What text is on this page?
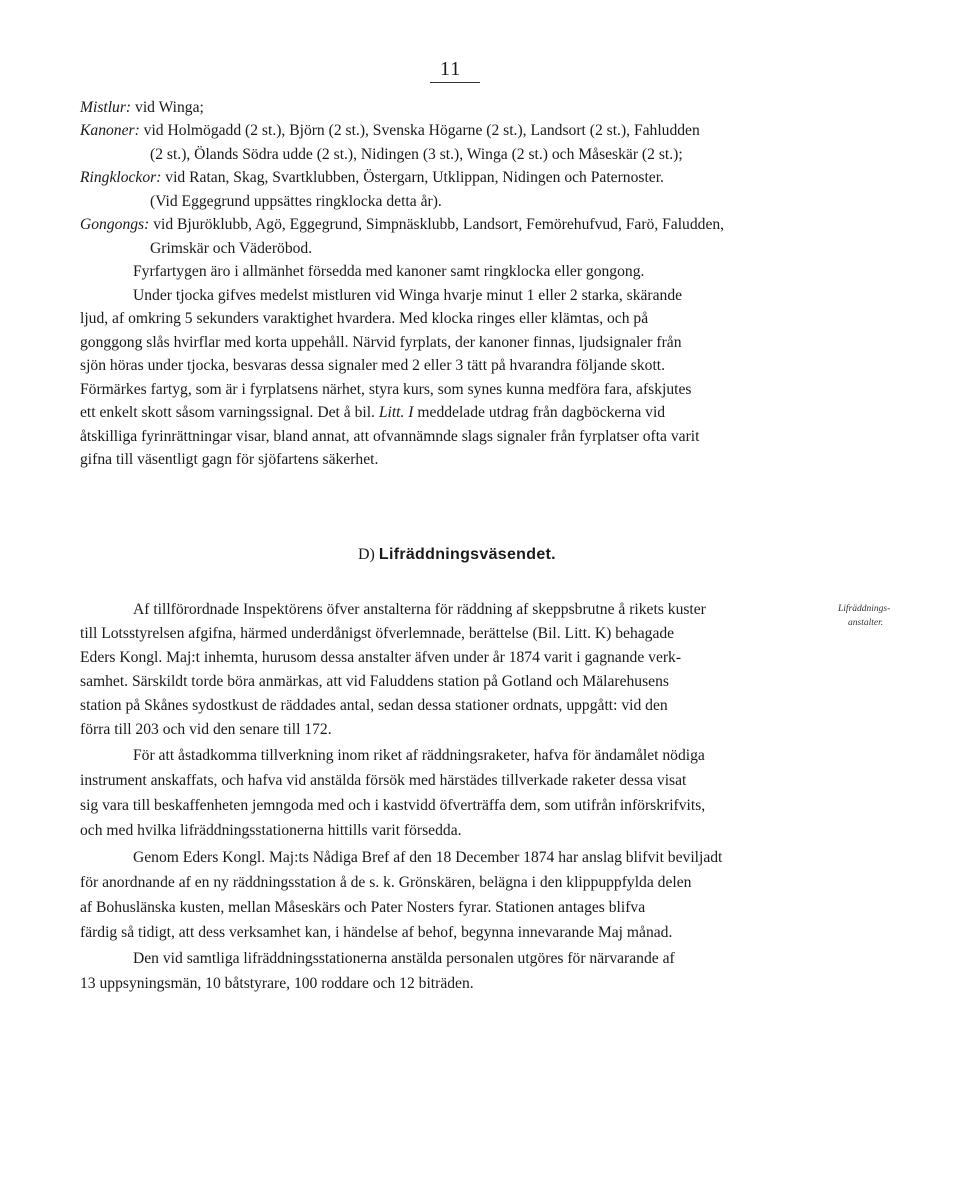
11
Mistlur: vid Winga;
Kanoner: vid Holmögadd (2 st.), Björn (2 st.), Svenska Högarne (2 st.), Landsort (2 st.), Fahludden
(2 st.), Ölands Södra udde (2 st.), Nidingen (3 st.), Winga (2 st.) och Måseskär (2 st.);
Ringklockor: vid Ratan, Skag, Svartklubben, Östergarn, Utklippan, Nidingen och Paternoster.
(Vid Eggegrund uppsättes ringklocka detta år).
Gongongs: vid Bjuröklubb, Agö, Eggegrund, Simpnäsklubb, Landsort, Femörehufvud, Farö, Faludden,
Grimskär och Väderöbod.
Fyrfartygen äro i allmänhet försedda med kanoner samt ringklocka eller gongong.
Under tjocka gifves medelst mistluren vid Winga hvarje minut 1 eller 2 starka, skärande
ljud, af omkring 5 sekunders varaktighet hvardera. Med klocka ringes eller klämtas, och på
gonggong slås hvirflar med korta uppehåll. Närvid fyrplats, der kanoner finnas, ljudsignaler från
sjön höras under tjocka, besvaras dessa signaler med 2 eller 3 tätt på hvarandra följande skott.
Förmärkes fartyg, som är i fyrplatsens närhet, styra kurs, som synes kunna medföra fara, afskjutes
ett enkelt skott såsom varningssignal. Det å bil. Litt. I meddelade utdrag från dagböckerna vid
åtskilliga fyrinrättningar visar, bland annat, att ofvannämnde slags signaler från fyrplatser ofta varit
gifna till väsentligt gagn för sjöfartens säkerhet.
D) Lifräddningsväsendet.
Af tillförordnade Inspektörens öfver anstalterna för räddning af skeppsbrutne å rikets kuster
till Lotsstyrelsen afgifna, härmed underdånigst öfverlemnade, berättelse (Bil. Litt. K) behagade
Eders Kongl. Maj:t inhemta, hurusom dessa anstalter äfven under år 1874 varit i gagnande verk-
samhet. Särskildt torde böra anmärkas, att vid Faluddens station på Gotland och Mälarehusens
station på Skånes sydostkust de räddades antal, sedan dessa stationer ordnats, uppgått: vid den
förra till 203 och vid den senare till 172.
För att åstadkomma tillverkning inom riket af räddningsraketer, hafva för ändamålet nödiga
instrument anskaffats, och hafva vid anstälda försök med härstädes tillverkade raketer dessa visat
sig vara till beskaffenheten jemngoda med och i kastvidd öfverträffa dem, som utifrån införskrifvits,
och med hvilka lifräddningsstationerna hittills varit försedda.
Genom Eders Kongl. Maj:ts Nådiga Bref af den 18 December 1874 har anslag blifvit beviljadt
för anordnande af en ny räddningsstation å de s. k. Grönskären, belägna i den klippuppfylda delen
af Bohuslänska kusten, mellan Måseskärs och Pater Nosters fyrar. Stationen antages blifva
färdig så tidigt, att dess verksamhet kan, i händelse af behof, begynna innevarande Maj månad.
Den vid samtliga lifräddningsstationerna anstälda personalen utgöres för närvarande af
13 uppsyningsmän, 10 båtstyrare, 100 roddare och 12 biträden.
Lifräddnings-
anstalter.
